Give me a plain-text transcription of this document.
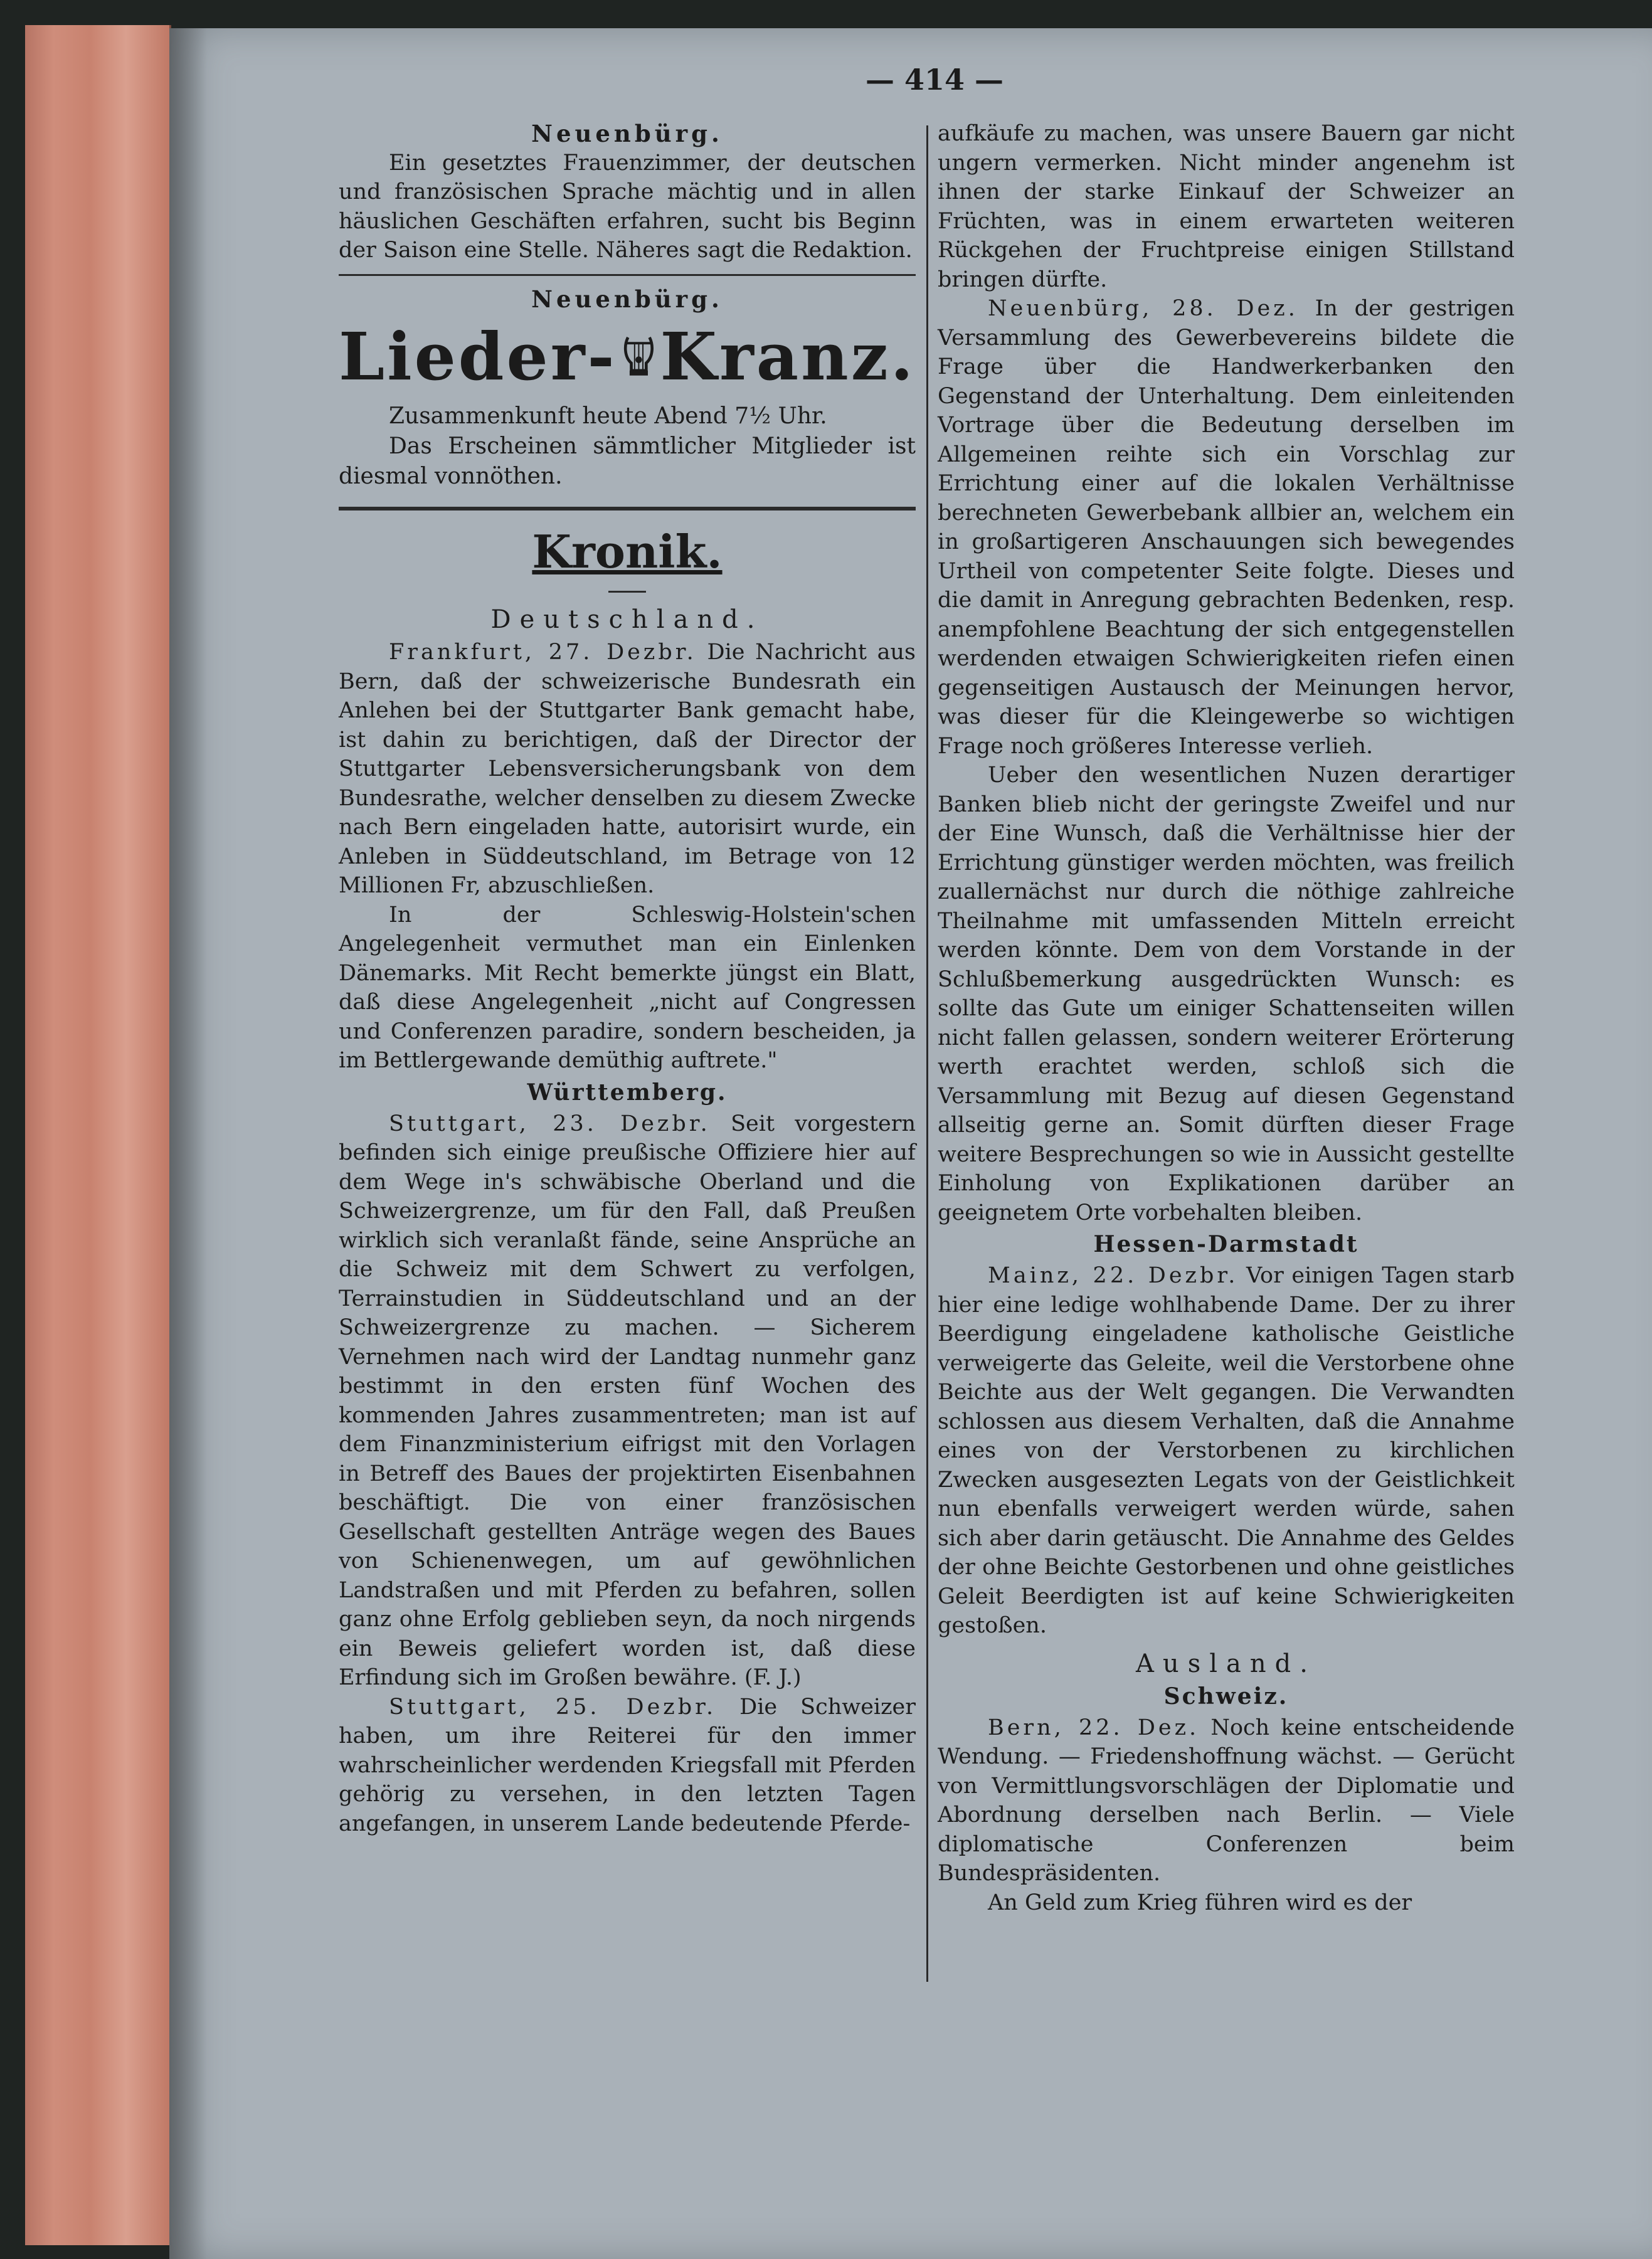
— 414 —

Neuenbürg.

Ein gesetztes Frauenzimmer, der deutschen und französischen Sprache mächtig und in allen häuslichen Geschäften erfahren, sucht bis Beginn der Saison eine Stelle. Näheres sagt die Redaktion.

Neuenbürg.

Lieder- Kranz.

Zusammenkunft heute Abend 7½ Uhr.

Das Erscheinen sämmtlicher Mitglieder ist diesmal vonnöthen.

Kronik.
Deutschland.

Frankfurt, 27. Dezbr. Die Nachricht aus Bern, daß der schweizerische Bundesrath ein Anlehen bei der Stuttgarter Bank gemacht habe, ist dahin zu berichtigen, daß der Director der Stuttgarter Lebensversicherungsbank von dem Bundesrathe, welcher denselben zu diesem Zwecke nach Bern eingeladen hatte, autorisirt wurde, ein Anleben in Süddeutschland, im Betrage von 12 Millionen Fr, abzuschließen.

In der Schleswig-Holstein'schen Angelegenheit vermuthet man ein Einlenken Dänemarks. Mit Recht bemerkte jüngst ein Blatt, daß diese Angelegenheit „nicht auf Congressen und Conferenzen paradire, sondern bescheiden, ja im Bettlergewande demüthig auftrete."

Württemberg.

Stuttgart, 23. Dezbr. Seit vorgestern befinden sich einige preußische Offiziere hier auf dem Wege in's schwäbische Oberland und die Schweizergrenze, um für den Fall, daß Preußen wirklich sich veranlaßt fände, seine Ansprüche an die Schweiz mit dem Schwert zu verfolgen, Terrainstudien in Süddeutschland und an der Schweizergrenze zu machen. — Sicherem Vernehmen nach wird der Landtag nunmehr ganz bestimmt in den ersten fünf Wochen des kommenden Jahres zusammentreten; man ist auf dem Finanzministerium eifrigst mit den Vorlagen in Betreff des Baues der projektirten Eisenbahnen beschäftigt. Die von einer französischen Gesellschaft gestellten Anträge wegen des Baues von Schienenwegen, um auf gewöhnlichen Landstraßen und mit Pferden zu befahren, sollen ganz ohne Erfolg geblieben seyn, da noch nirgends ein Beweis geliefert worden ist, daß diese Erfindung sich im Großen bewähre. (F. J.)

Stuttgart, 25. Dezbr. Die Schweizer haben, um ihre Reiterei für den immer wahrscheinlicher werdenden Kriegsfall mit Pferden gehörig zu versehen, in den letzten Tagen angefangen, in unserem Lande bedeutende Pferde-

aufkäufe zu machen, was unsere Bauern gar nicht ungern vermerken. Nicht minder angenehm ist ihnen der starke Einkauf der Schweizer an Früchten, was in einem erwarteten weiteren Rückgehen der Fruchtpreise einigen Stillstand bringen dürfte.

Neuenbürg, 28. Dez. In der gestrigen Versammlung des Gewerbevereins bildete die Frage über die Handwerkerbanken den Gegenstand der Unterhaltung. Dem einleitenden Vortrage über die Bedeutung derselben im Allgemeinen reihte sich ein Vorschlag zur Errichtung einer auf die lokalen Verhältnisse berechneten Gewerbebank allbier an, welchem ein in großartigeren Anschauungen sich bewegendes Urtheil von competenter Seite folgte. Dieses und die damit in Anregung gebrachten Bedenken, resp. anempfohlene Beachtung der sich entgegenstellen werdenden etwaigen Schwierigkeiten riefen einen gegenseitigen Austausch der Meinungen hervor, was dieser für die Kleingewerbe so wichtigen Frage noch größeres Interesse verlieh.

Ueber den wesentlichen Nuzen derartiger Banken blieb nicht der geringste Zweifel und nur der Eine Wunsch, daß die Verhältnisse hier der Errichtung günstiger werden möchten, was freilich zuallernächst nur durch die nöthige zahlreiche Theilnahme mit umfassenden Mitteln erreicht werden könnte. Dem von dem Vorstande in der Schlußbemerkung ausgedrückten Wunsch: es sollte das Gute um einiger Schattenseiten willen nicht fallen gelassen, sondern weiterer Erörterung werth erachtet werden, schloß sich die Versammlung mit Bezug auf diesen Gegenstand allseitig gerne an. Somit dürften dieser Frage weitere Besprechungen so wie in Aussicht gestellte Einholung von Explikationen darüber an geeignetem Orte vorbehalten bleiben.

Hessen-Darmstadt

Mainz, 22. Dezbr. Vor einigen Tagen starb hier eine ledige wohlhabende Dame. Der zu ihrer Beerdigung eingeladene katholische Geistliche verweigerte das Geleite, weil die Verstorbene ohne Beichte aus der Welt gegangen. Die Verwandten schlossen aus diesem Verhalten, daß die Annahme eines von der Verstorbenen zu kirchlichen Zwecken ausgesezten Legats von der Geistlichkeit nun ebenfalls verweigert werden würde, sahen sich aber darin getäuscht. Die Annahme des Geldes der ohne Beichte Gestorbenen und ohne geistliches Geleit Beerdigten ist auf keine Schwierigkeiten gestoßen.

Ausland.
Schweiz.

Bern, 22. Dez. Noch keine entscheidende Wendung. — Friedenshoffnung wächst. — Gerücht von Vermittlungsvorschlägen der Diplomatie und Abordnung derselben nach Berlin. — Viele diplomatische Conferenzen beim Bundespräsidenten.

An Geld zum Krieg führen wird es der
